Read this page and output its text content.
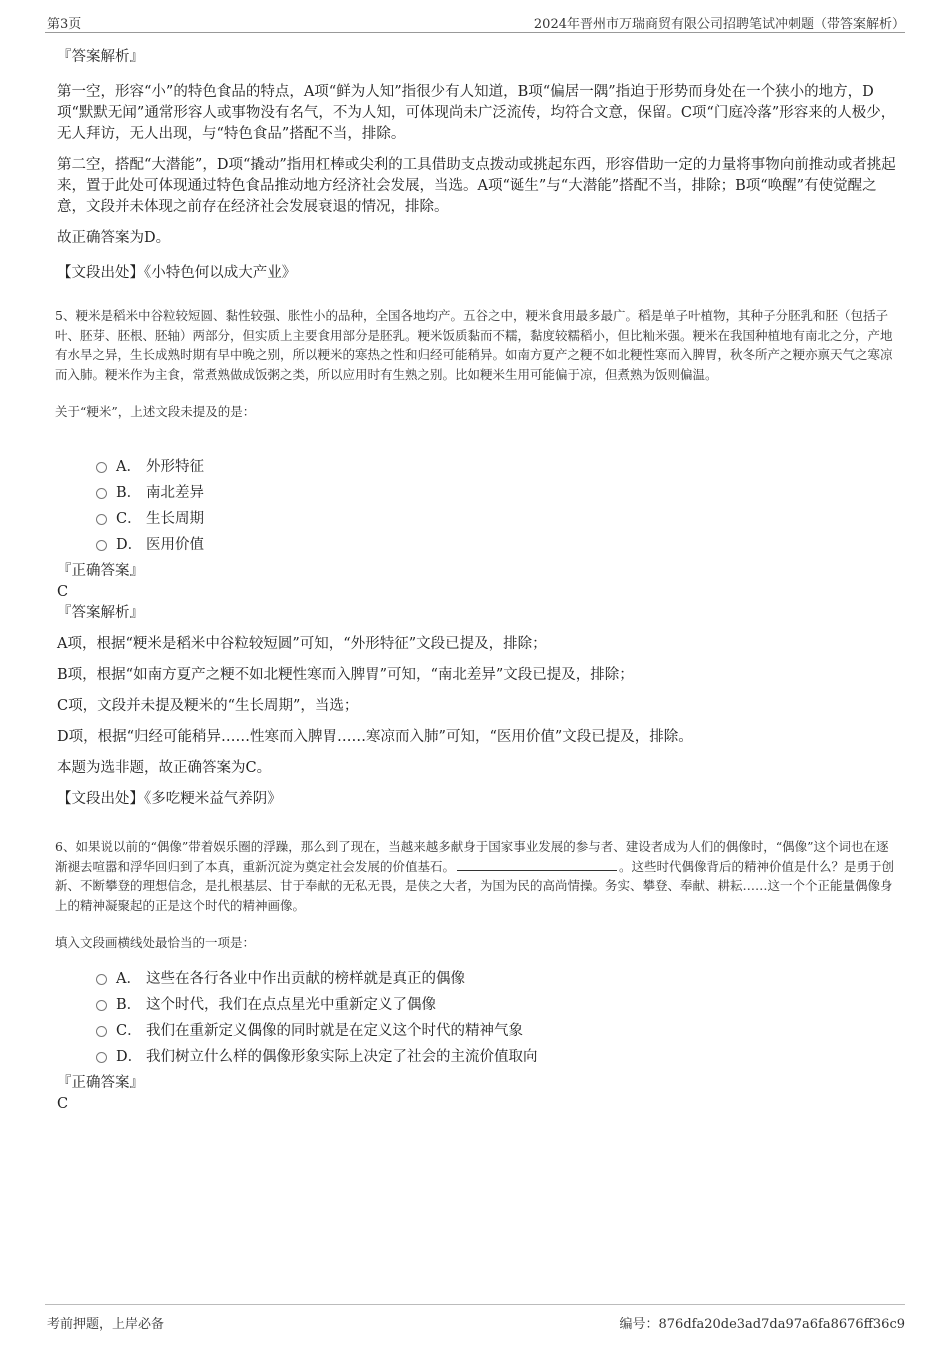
第3页	2024年晋州市万瑞商贸有限公司招聘笔试冲刺题（带答案解析）

『答案解析』

第一空，形容“小”的特色食品的特点，A项“鲜为人知”指很少有人知道，B项“偏居一隅”指迫于形势而身处在一个狭小的地方，D项“默默无闻”通常形容人或事物没有名气，不为人知，可体现尚未广泛流传，均符合文意，保留。C项“门庭冷落”形容来的人极少，无人拜访，无人出现，与“特色食品”搭配不当，排除。

第二空，搭配“大潜能”，D项“撬动”指用杠棒或尖利的工具借助支点拨动或挑起东西，形容借助一定的力量将事物向前推动或者挑起来，置于此处可体现通过特色食品推动地方经济社会发展，当选。A项“诞生”与“大潜能”搭配不当，排除；B项“唤醒”有使觉醒之意，文段并未体现之前存在经济社会发展衰退的情况，排除。

故正确答案为D。

【文段出处】《小特色何以成大产业》

5、粳米是稻米中谷粒较短圆、黏性较强、胀性小的品种，全国各地均产。五谷之中，粳米食用最多最广。稻是单子叶植物，其种子分胚乳和胚（包括子叶、胚芽、胚根、胚轴）两部分，但实质上主要食用部分是胚乳。粳米饭质黏而不糯，黏度较糯稻小，但比籼米强。粳米在我国种植地有南北之分，产地有水旱之异，生长成熟时期有早中晚之别，所以粳米的寒热之性和归经可能稍异。如南方夏产之粳不如北粳性寒而入脾胃，秋冬所产之粳亦禀天气之寒凉而入肺。粳米作为主食，常煮熟做成饭粥之类，所以应用时有生熟之别。比如粳米生用可能偏于凉，但煮熟为饭则偏温。

关于“粳米”，上述文段未提及的是：

A． 外形特征
B． 南北差异
C． 生长周期
D． 医用价值

『正确答案』

C

『答案解析』

A项，根据“粳米是稻米中谷粒较短圆”可知，“外形特征”文段已提及，排除；

B项，根据“如南方夏产之粳不如北粳性寒而入脾胃”可知，“南北差异”文段已提及，排除；

C项，文段并未提及粳米的“生长周期”，当选；

D项，根据“归经可能稍异……性寒而入脾胃……寒凉而入肺”可知，“医用价值”文段已提及，排除。

本题为选非题，故正确答案为C。

【文段出处】《多吃粳米益气养阴》

6、如果说以前的“偶像”带着娱乐圈的浮躁，那么到了现在，当越来越多献身于国家事业发展的参与者、建设者成为人们的偶像时，“偶像”这个词也在逐渐褪去喧嚣和浮华回归到了本真，重新沉淀为奠定社会发展的价值基石。	。这些时代偶像背后的精神价值是什么？是勇于创新、不断攀登的理想信念，是扎根基层、甘于奉献的无私无畏，是侠之大者，为国为民的高尚情操。务实、攀登、奉献、耕耘……这一个个正能量偶像身上的精神凝聚起的正是这个时代的精神画像。

填入文段画横线处最恰当的一项是：

A． 这些在各行各业中作出贡献的榜样就是真正的偶像
B． 这个时代，我们在点点星光中重新定义了偶像
C． 我们在重新定义偶像的同时就是在定义这个时代的精神气象
D． 我们树立什么样的偶像形象实际上决定了社会的主流价值取向

『正确答案』

C

考前押题，上岸必备	编号：876dfa20de3ad7da97a6fa8676ff36c9
